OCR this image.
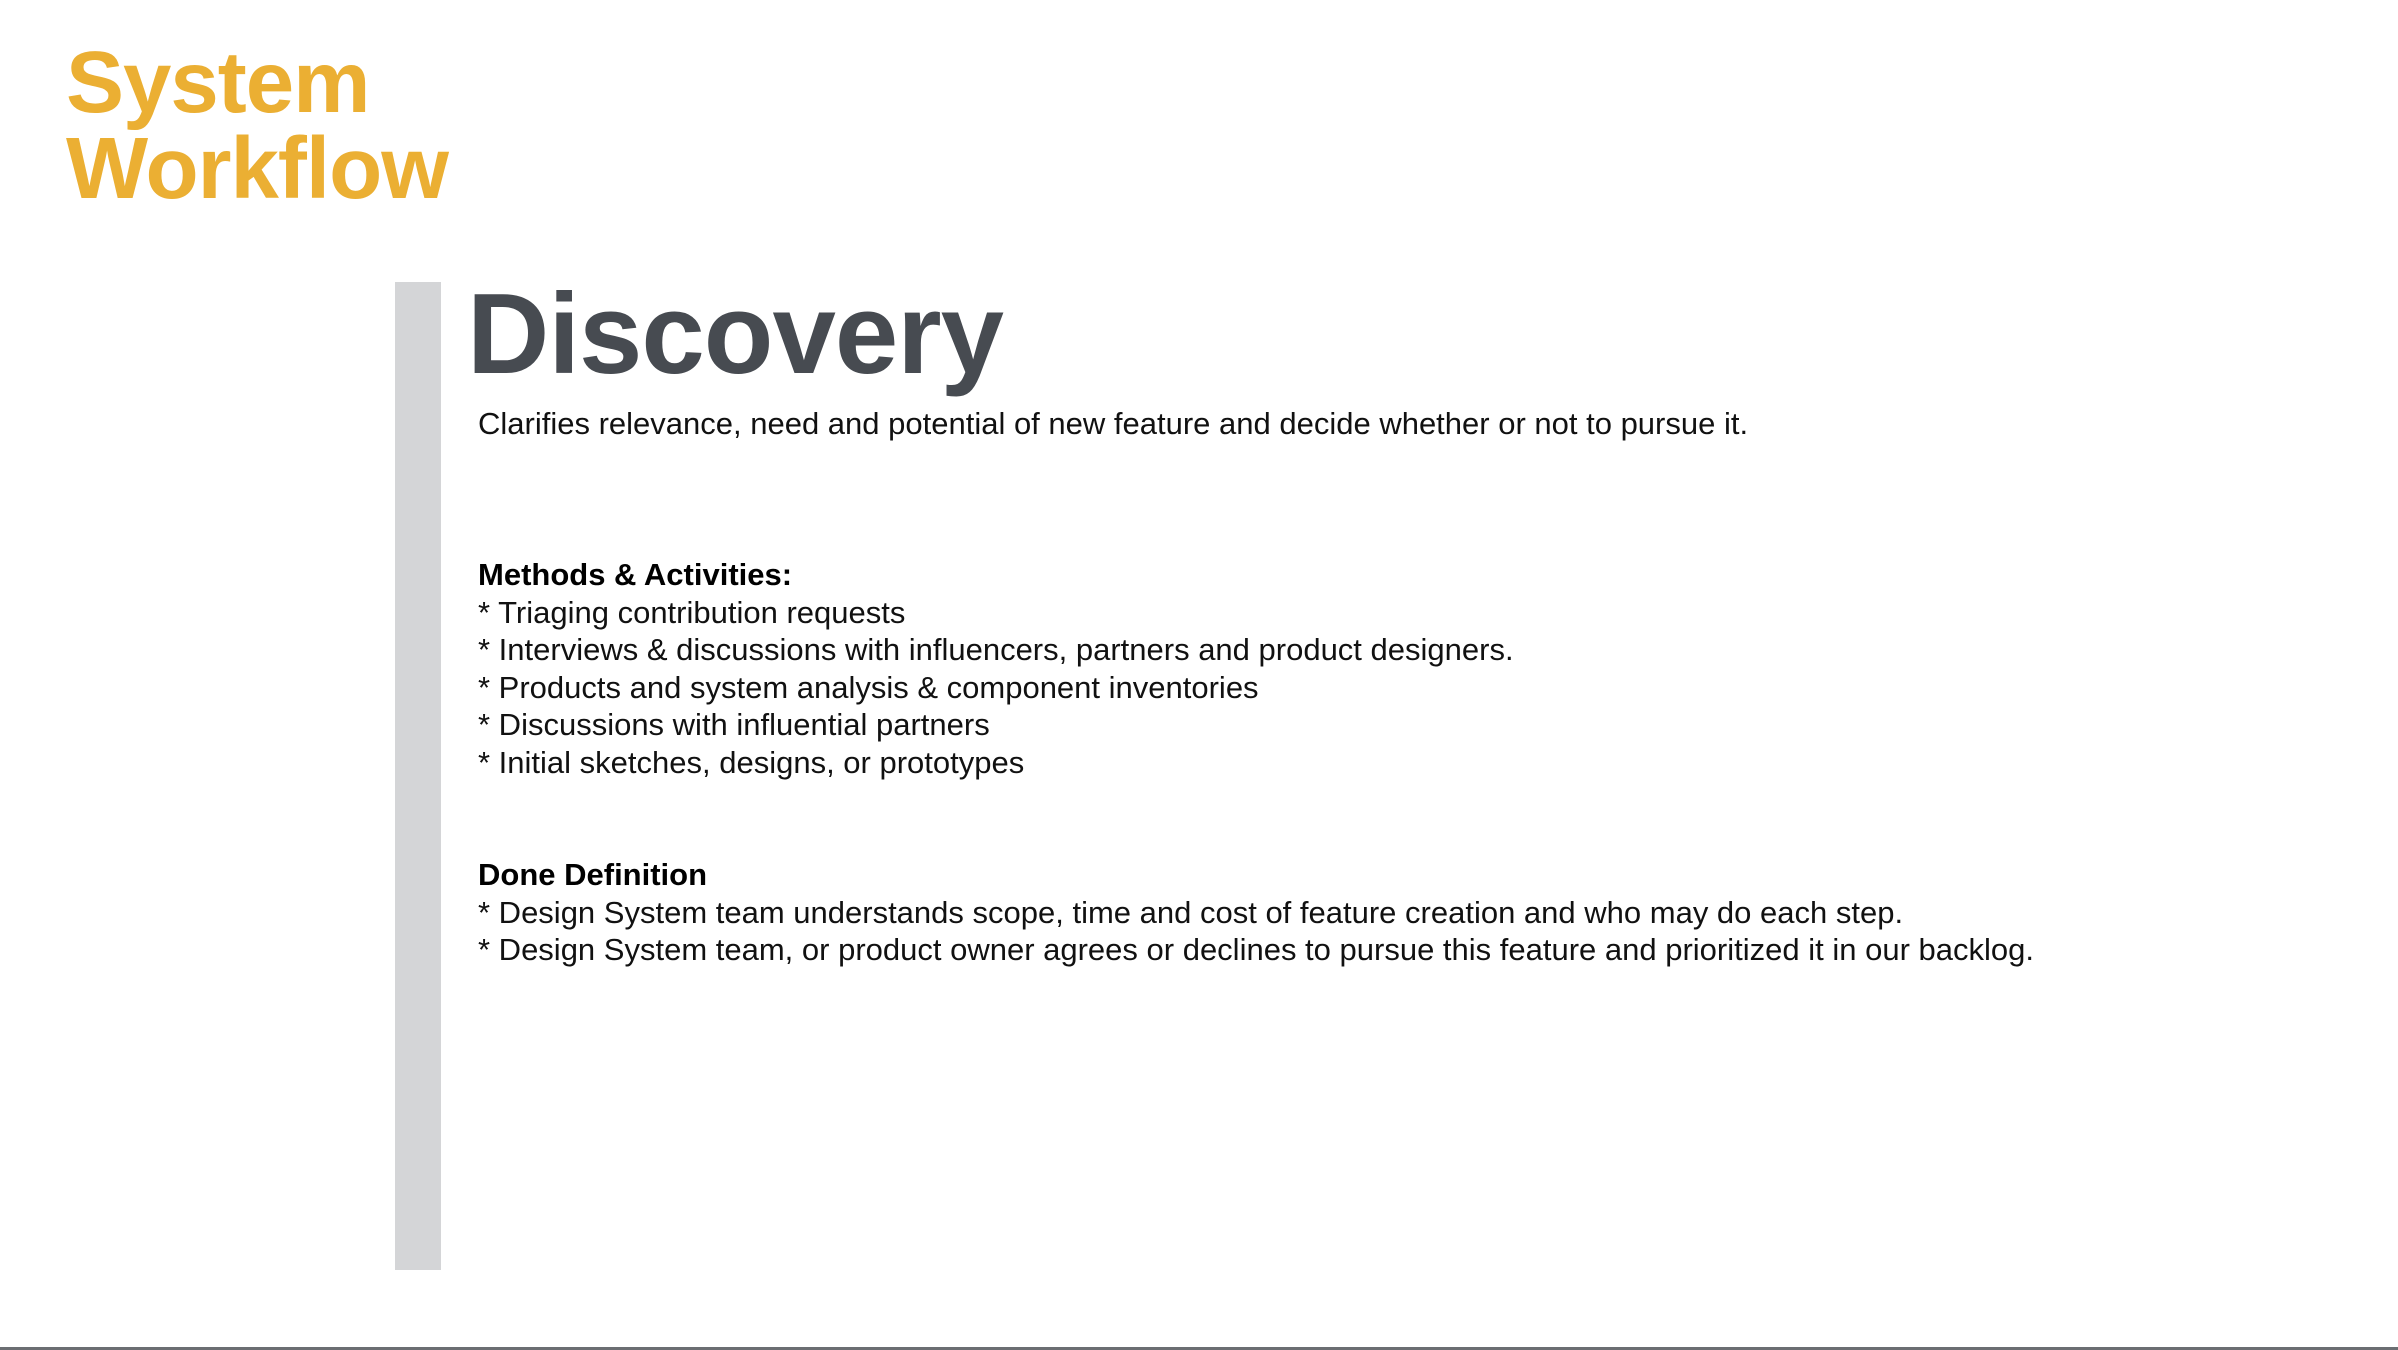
System
Workflow
Discovery
Clarifies relevance, need and potential of new feature and decide whether or not to pursue it.
Methods & Activities:
* Triaging contribution requests
* Interviews & discussions with influencers, partners and product designers.
* Products and system analysis & component inventories
* Discussions with influential partners
* Initial sketches, designs, or prototypes
Done Definition
* Design System team understands scope, time and cost of feature creation and who may do each step.
* Design System team, or product owner agrees or declines to pursue this feature and prioritized it in our backlog.
